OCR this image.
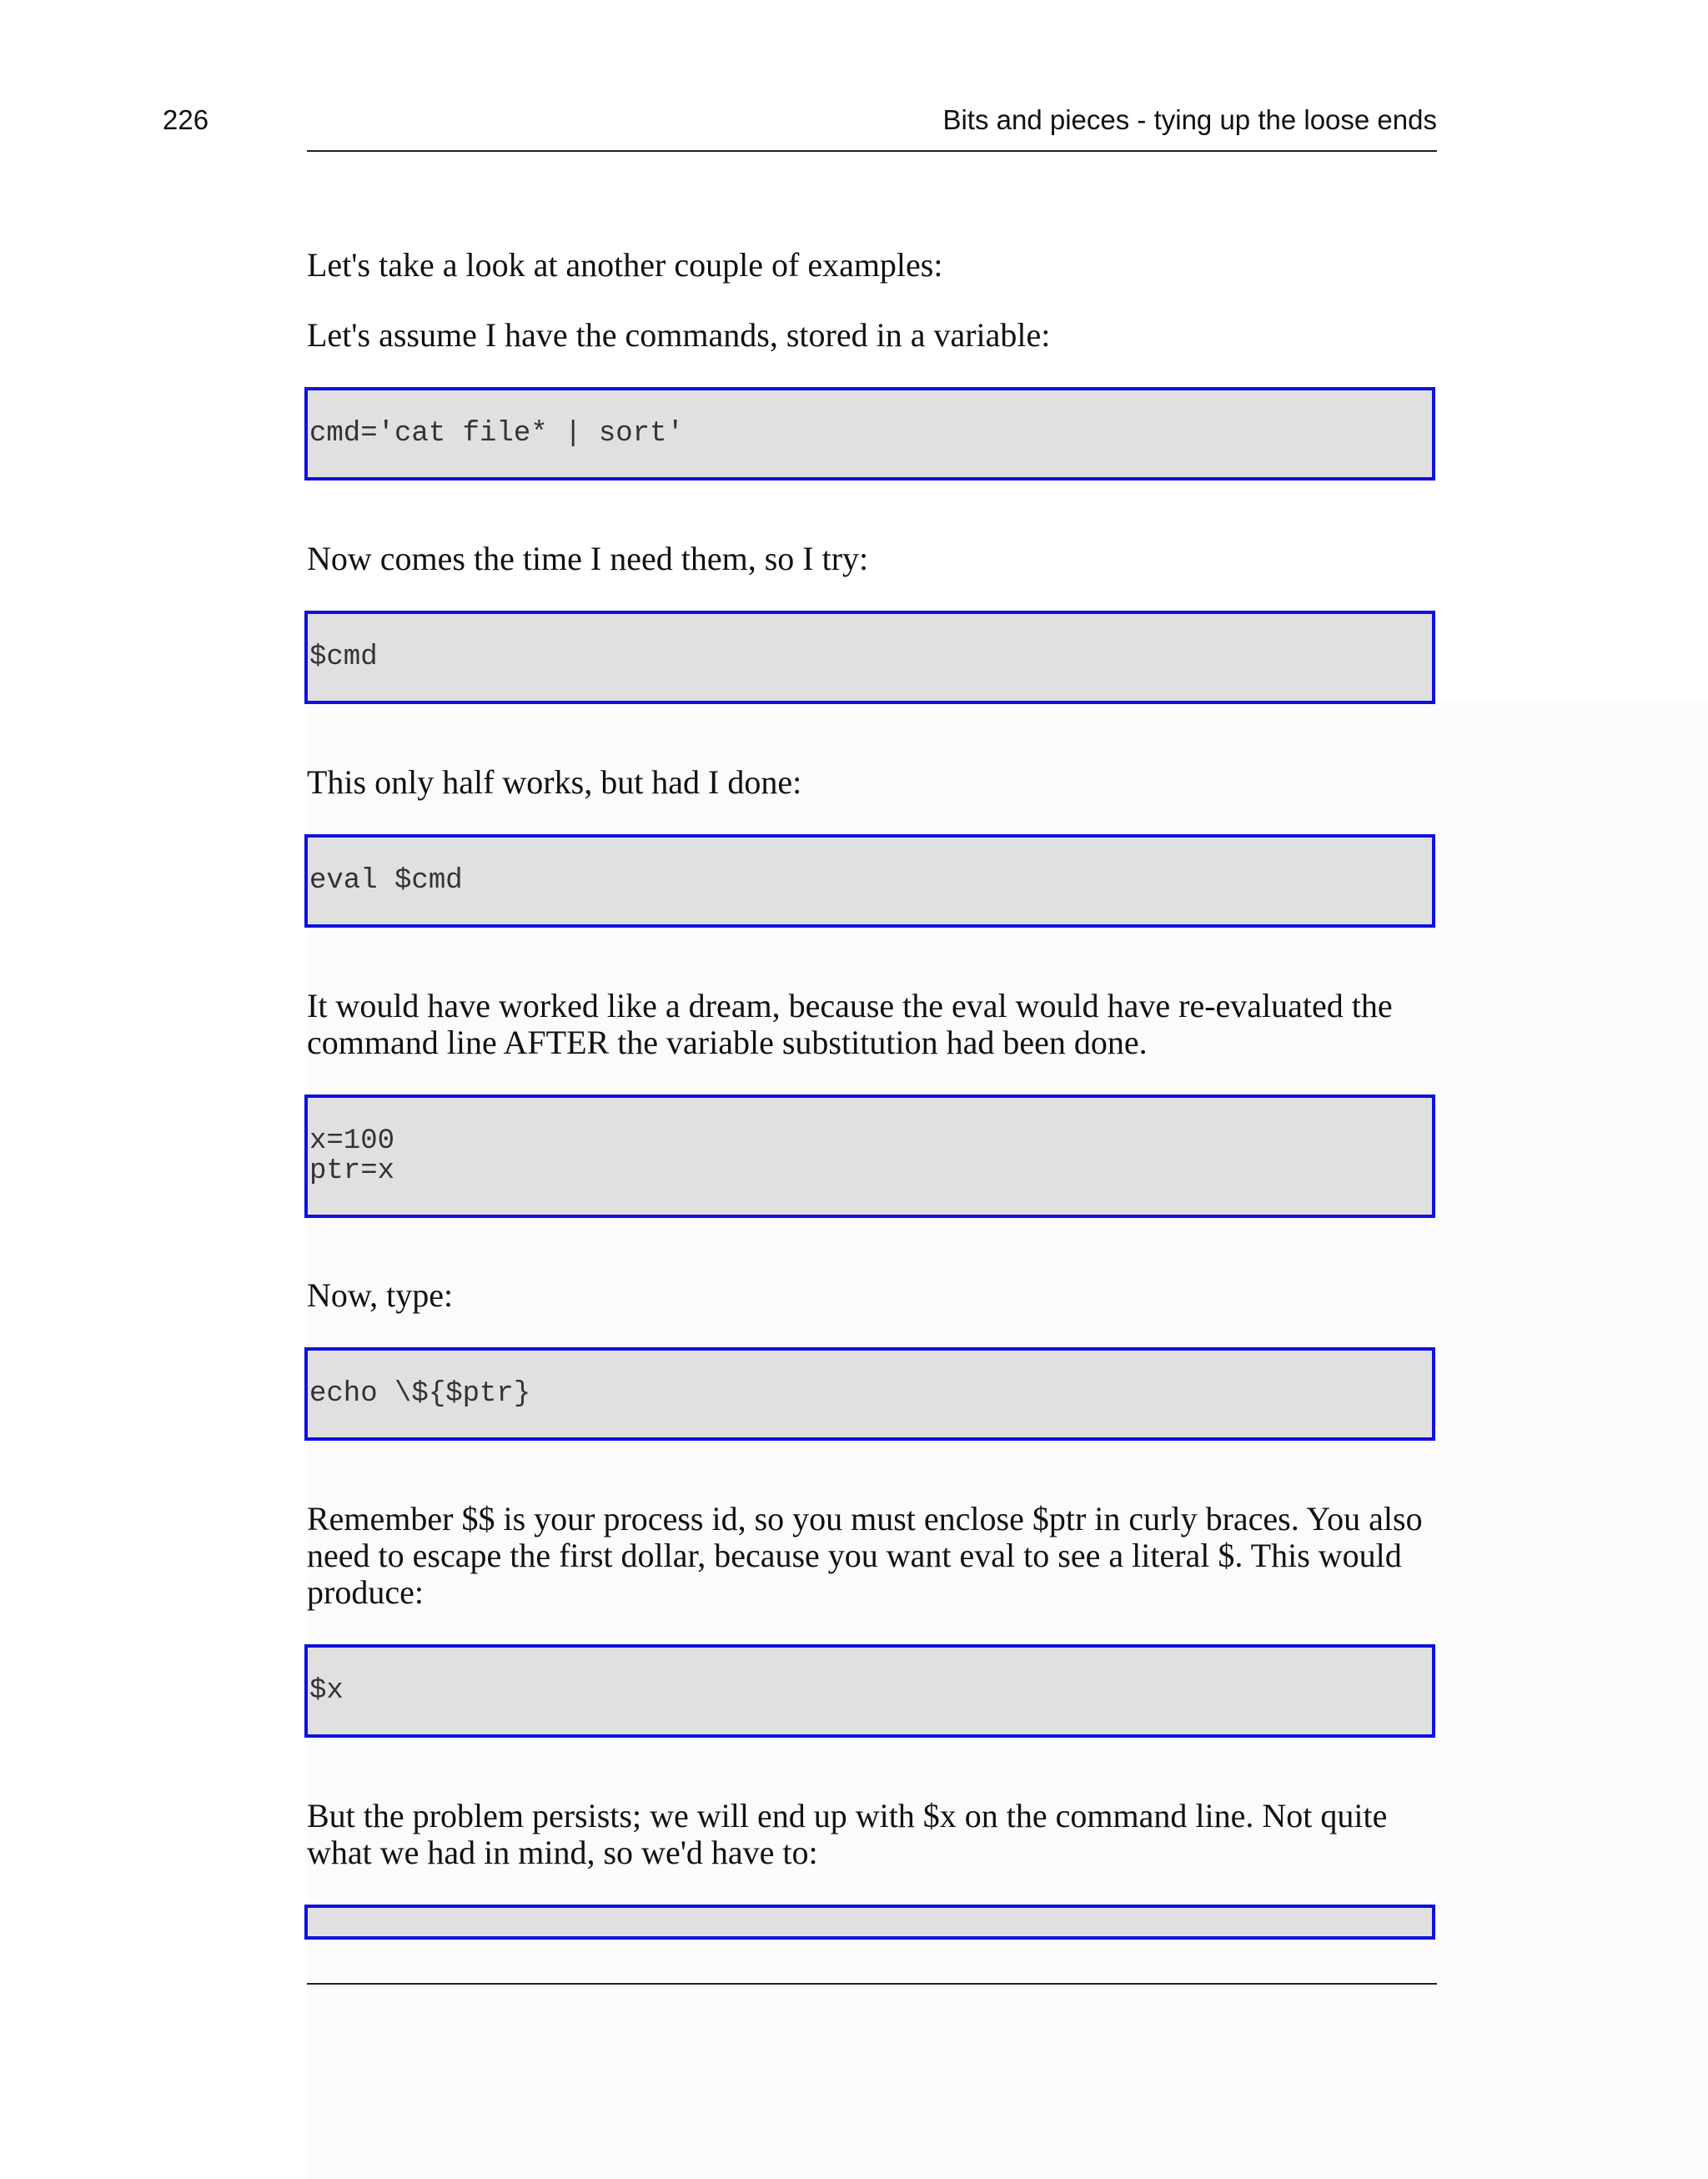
226	Bits and pieces - tying up the loose ends

Let's take a look at another couple of examples:

Let's assume I have the commands, stored in a variable:

cmd='cat file* | sort'

Now comes the time I need them, so I try:

$cmd

This only half works, but had I done:

eval $cmd

It would have worked like a dream, because the eval would have re-evaluated the
command line AFTER the variable substitution had been done.

x=100
ptr=x

Now, type:

echo \${$ptr}

Remember $$ is your process id, so you must enclose $ptr in curly braces. You also
need to escape the first dollar, because you want eval to see a literal $. This would
produce:

$x

But the problem persists; we will end up with $x on the command line. Not quite
what we had in mind, so we'd have to:
